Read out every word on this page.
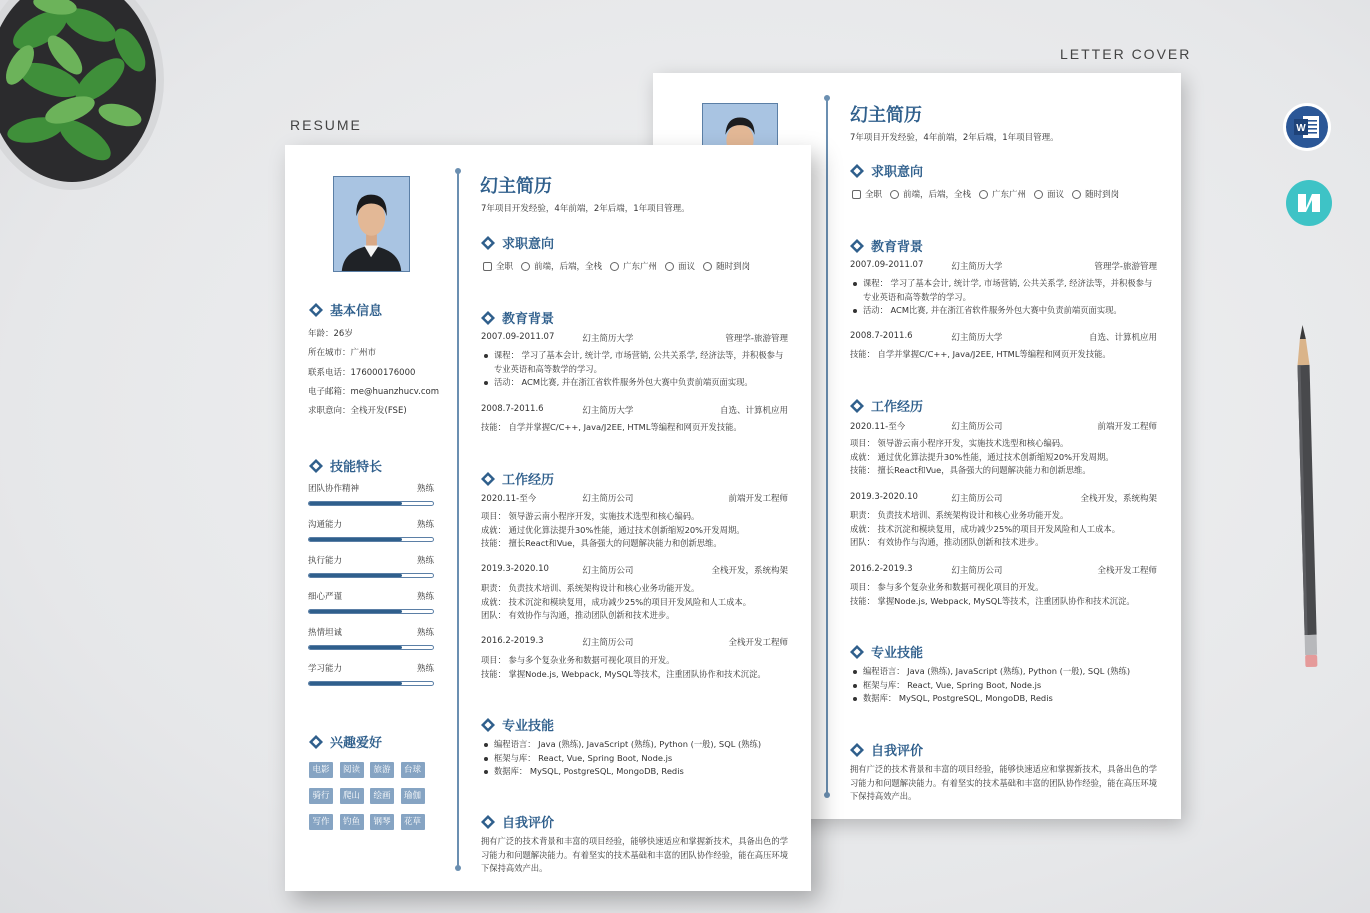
RESUME
LETTER COVER
幻主简历
7年项目开发经验，4年前端，2年后端，1年项目管理。
求职意向
全职 前端，后端，全栈 广东广州 面议 随时到岗
教育背景
2007.09-2011.07	幻主简历大学	管理学-旅游管理
课程： 学习了基本会计, 统计学, 市场营销, 公共关系学, 经济法等，并积极参与专业英语和高等数学的学习。
活动： ACM比赛, 并在浙江省软件服务外包大赛中负责前端页面实现。
2008.7-2011.6	幻主简历大学	自选、计算机应用

技能： 自学并掌握C/C++, Java/J2EE, HTML等编程和网页开发技能。

工作经历
2020.11-至今	幻主简历公司	前端开发工程师

项目： 领导游云南小程序开发，实施技术选型和核心编码。

成就： 通过优化算法提升30%性能，通过技术创新缩短20%开发周期。

技能： 擅长React和Vue，具备强大的问题解决能力和创新思维。

2019.3-2020.10	幻主简历公司	全栈开发，系统构架

职责： 负责技术培训、系统架构设计和核心业务功能开发。

成就： 技术沉淀和模块复用，成功减少25%的项目开发风险和人工成本。

团队： 有效协作与沟通，推动团队创新和技术进步。

2016.2-2019.3	幻主简历公司	全栈开发工程师

项目： 参与多个复杂业务和数据可视化项目的开发。

技能： 掌握Node.js, Webpack, MySQL等技术，注重团队协作和技术沉淀。

专业技能
编程语言： Java (熟练), JavaScript (熟练), Python (一般), SQL (熟练)
框架与库： React, Vue, Spring Boot, Node.js
数据库： MySQL, PostgreSQL, MongoDB, Redis
自我评价
拥有广泛的技术背景和丰富的项目经验，能够快速适应和掌握新技术，具备出色的学习能力和问题解决能力。有着坚实的技术基础和丰富的团队协作经验，能在高压环境下保持高效产出。
基本信息
年龄：26岁
所在城市：广州市
联系电话：176000176000
电子邮箱：me@huanzhucv.com
求职意向：全栈开发(FSE)
技能特长
团队协作精神	熟练
沟通能力	熟练
执行能力	熟练
细心严谨	熟练
热情坦诚	熟练
学习能力	熟练
兴趣爱好
电影	阅读	旅游	台球
骑行	爬山	绘画	瑜伽
写作	钓鱼	钢琴	花草
幻主简历
7年项目开发经验，4年前端，2年后端，1年项目管理。
求职意向
全职 前端，后端，全栈 广东广州 面议 随时到岗
教育背景
2007.09-2011.07	幻主简历大学	管理学-旅游管理
课程： 学习了基本会计, 统计学, 市场营销, 公共关系学, 经济法等，并积极参与专业英语和高等数学的学习。
活动： ACM比赛, 并在浙江省软件服务外包大赛中负责前端页面实现。
2008.7-2011.6	幻主简历大学	自选、计算机应用

技能： 自学并掌握C/C++, Java/J2EE, HTML等编程和网页开发技能。

工作经历
2020.11-至今	幻主简历公司	前端开发工程师

项目： 领导游云南小程序开发，实施技术选型和核心编码。

成就： 通过优化算法提升30%性能，通过技术创新缩短20%开发周期。

技能： 擅长React和Vue，具备强大的问题解决能力和创新思维。

2019.3-2020.10	幻主简历公司	全栈开发，系统构架

职责： 负责技术培训、系统架构设计和核心业务功能开发。

成就： 技术沉淀和模块复用，成功减少25%的项目开发风险和人工成本。

团队： 有效协作与沟通，推动团队创新和技术进步。

2016.2-2019.3	幻主简历公司	全栈开发工程师

项目： 参与多个复杂业务和数据可视化项目的开发。

技能： 掌握Node.js, Webpack, MySQL等技术，注重团队协作和技术沉淀。

专业技能
编程语言： Java (熟练), JavaScript (熟练), Python (一般), SQL (熟练)
框架与库： React, Vue, Spring Boot, Node.js
数据库： MySQL, PostgreSQL, MongoDB, Redis
自我评价
拥有广泛的技术背景和丰富的项目经验，能够快速适应和掌握新技术，具备出色的学习能力和问题解决能力。有着坚实的技术基础和丰富的团队协作经验，能在高压环境下保持高效产出。
W
